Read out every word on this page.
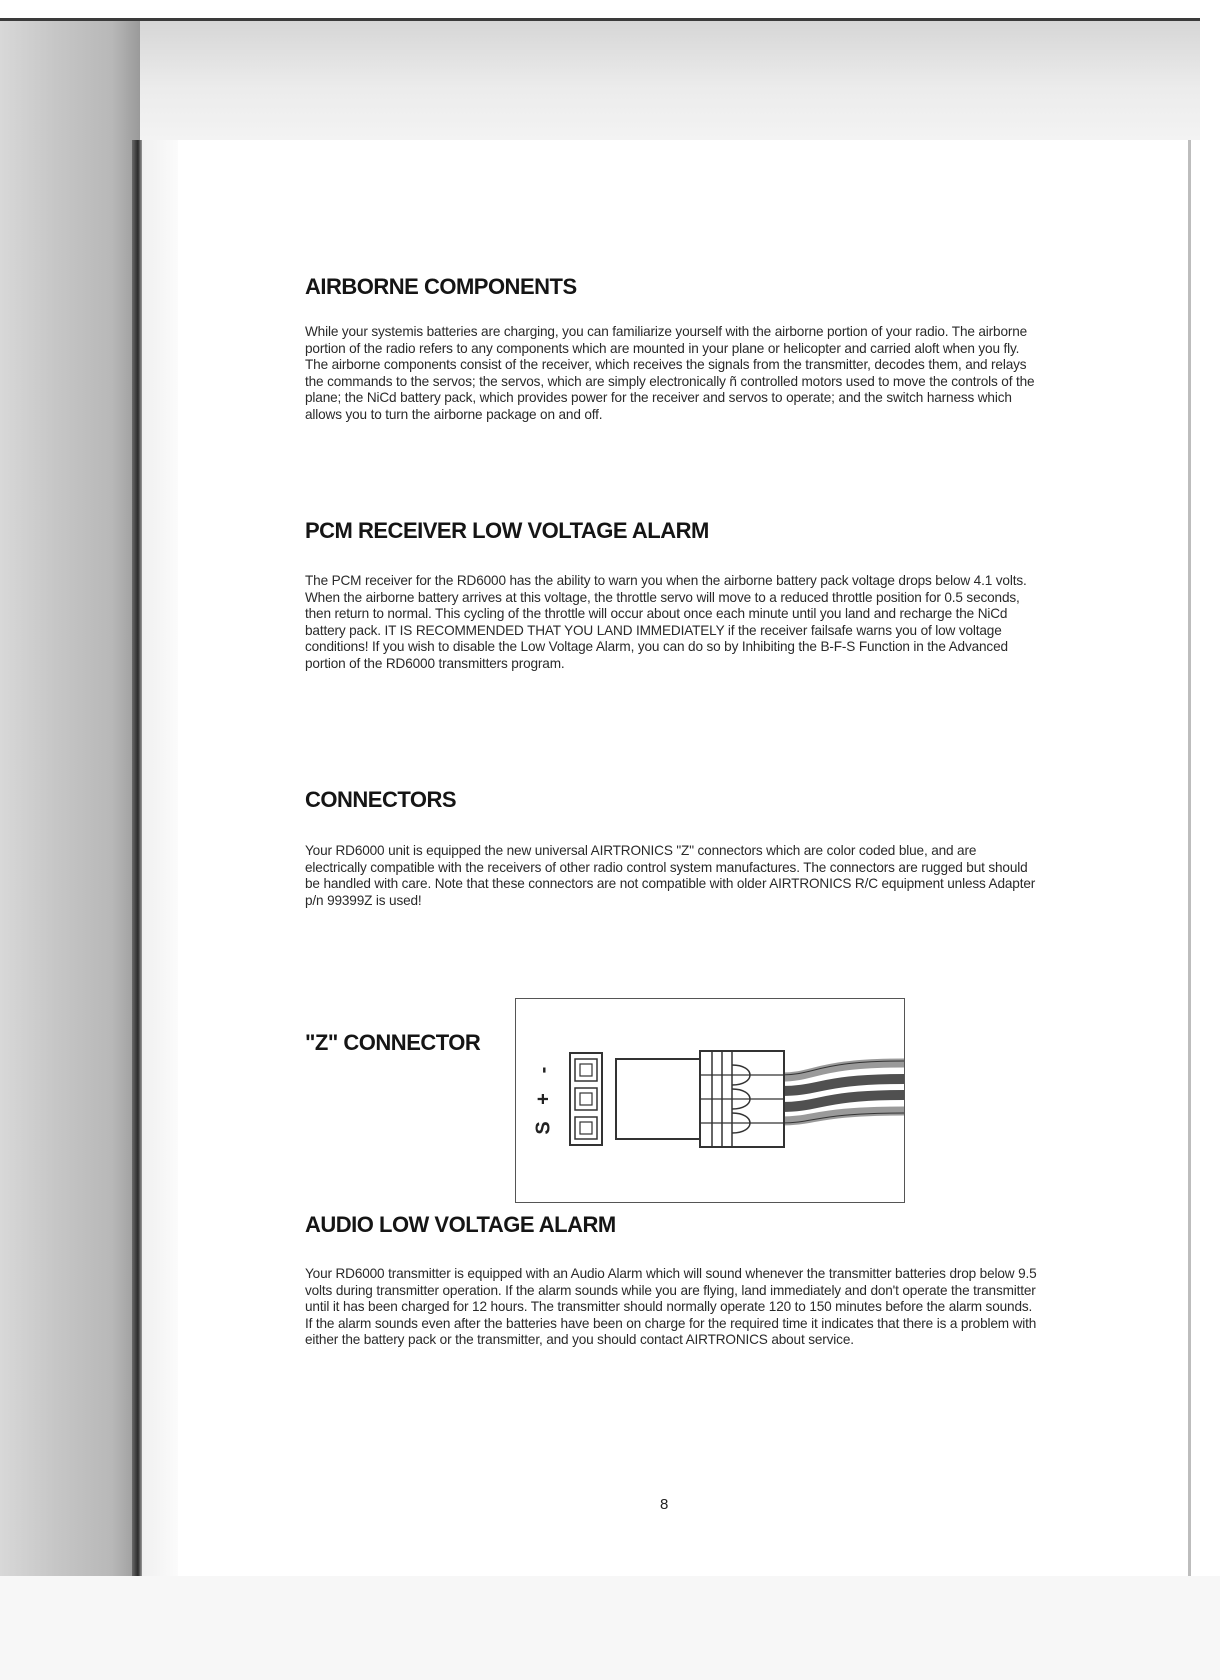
AIRBORNE COMPONENTS

While your systemis batteries are charging, you can familiarize yourself with the airborne portion of your radio. The airborne portion of the radio refers to any components which are mounted in your plane or helicopter and carried aloft when you fly. The airborne components consist of the receiver, which receives the signals from the transmitter, decodes them, and relays the commands to the servos; the servos, which are simply electronically ñ controlled motors used to move the controls of the plane; the NiCd battery pack, which provides power for the receiver and servos to operate; and the switch harness which allows you to turn the airborne package on and off.

PCM RECEIVER LOW VOLTAGE ALARM

The PCM receiver for the RD6000 has the ability to warn you when the airborne battery pack voltage drops below 4.1 volts. When the airborne battery arrives at this voltage, the throttle servo will move to a reduced throttle position for 0.5 seconds, then return to normal. This cycling of the throttle will occur about once each minute until you land and recharge the NiCd battery pack. IT IS RECOMMENDED THAT YOU LAND IMMEDIATELY if the receiver failsafe warns you of low voltage conditions! If you wish to disable the Low Voltage Alarm, you can do so by Inhibiting the B-F-S Function in the Advanced portion of the RD6000 transmitters program.

CONNECTORS

Your RD6000 unit is equipped the new universal AIRTRONICS "Z" connectors which are color coded blue, and are electrically compatible with the receivers of other radio control system manufactures. The connectors are rugged but should be handled with care. Note that these connectors are not compatible with older AIRTRONICS R/C equipment unless Adapter p/n 99399Z is used!

"Z" CONNECTOR
AUDIO LOW VOLTAGE ALARM

Your RD6000 transmitter is equipped with an Audio Alarm which will sound whenever the transmitter batteries drop below 9.5 volts during transmitter operation. If the alarm sounds while you are flying, land immediately and don't operate the transmitter until it has been charged for 12 hours. The transmitter should normally operate 120 to 150 minutes before the alarm sounds. If the alarm sounds even after the batteries have been on charge for the required time it indicates that there is a problem with either the battery pack or the transmitter, and you should contact AIRTRONICS about service.

S
+
-
8
